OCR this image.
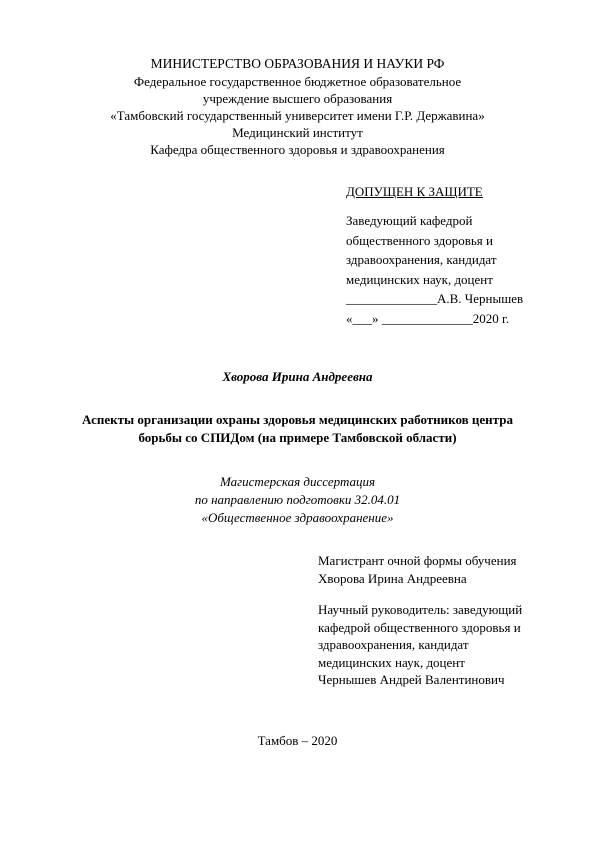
МИНИСТЕРСТВО ОБРАЗОВАНИЯ И НАУКИ РФ
Федеральное государственное бюджетное образовательное
учреждение высшего образования
«Тамбовский государственный университет имени Г.Р. Державина»
Медицинский институт
Кафедра общественного здоровья и здравоохранения
ДОПУЩЕН К ЗАЩИТЕ
Заведующий кафедрой
общественного здоровья и
здравоохранения, кандидат
медицинских наук, доцент
______________А.В. Чернышев
«___» ______________2020 г.
Хворова Ирина Андреевна
Аспекты организации охраны здоровья медицинских работников центра
борьбы со СПИДом (на примере Тамбовской области)
Магистерская диссертация
по направлению подготовки 32.04.01
«Общественное здравоохранение»
Магистрант очной формы обучения
Хворова Ирина Андреевна
Научный руководитель: заведующий
кафедрой общественного здоровья и
здравоохранения, кандидат
медицинских наук, доцент
Чернышев Андрей Валентинович
Тамбов – 2020
